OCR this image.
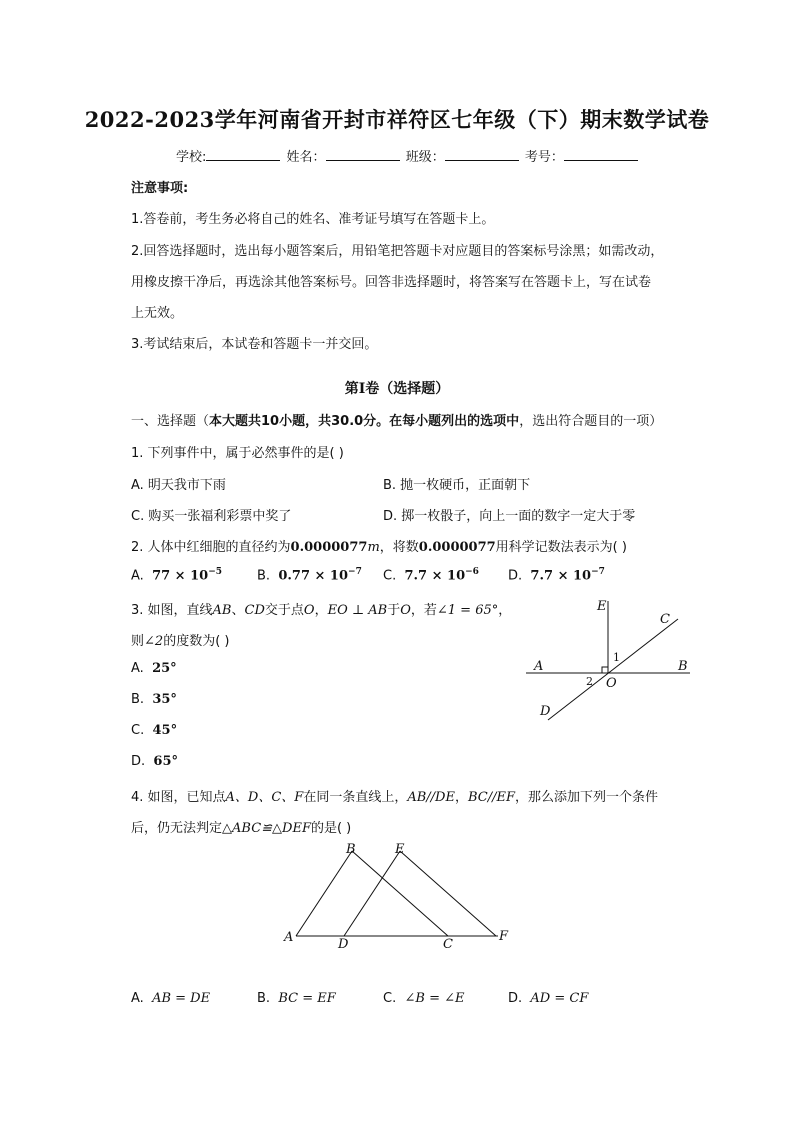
2022-2023学年河南省开封市祥符区七年级（下）期末数学试卷
学校:	姓名：	班级：	考号：
注意事项:
1.答卷前，考生务必将自己的姓名、准考证号填写在答题卡上。
2.回答选择题时，选出每小题答案后，用铅笔把答题卡对应题目的答案标号涂黑；如需改动，
用橡皮擦干净后，再选涂其他答案标号。回答非选择题时，将答案写在答题卡上，写在试卷
上无效。
3.考试结束后，本试卷和答题卡一并交回。
第I卷（选择题）
一、选择题（本大题共10小题，共30.0分。在每小题列出的选项中，选出符合题目的一项）
1. 下列事件中，属于必然事件的是( )
A. 明天我市下雨	B. 抛一枚硬币，正面朝下
C. 购买一张福利彩票中奖了	D. 掷一枚骰子，向上一面的数字一定大于零
2. 人体中红细胞的直径约为0.0000077m，将数0.0000077用科学记数法表示为( )
A. $77 \times 10^{-5}$	B. $0.77 \times 10^{-7}$ C. $7.7 \times 10^{-6}$ D. $7.7 \times 10^{-7}$
3. 如图，直线AB、CD交于点O，EO ⊥ AB于O，若∠1 = 65°，
则∠2的度数为( )
A. 25°
B. 35°
C. 45°
D. 65°
E
C
A	B
O
D
1
2
4. 如图，已知点A、D、C、F在同一条直线上，AB//DE，BC//EF，那么添加下列一个条件
后，仍无法判定△ABC≌△DEF的是( )
A
B	E
D	C
F
A. AB = DE	B. BC = EF	C. ∠B = ∠E	D. AD = CF
